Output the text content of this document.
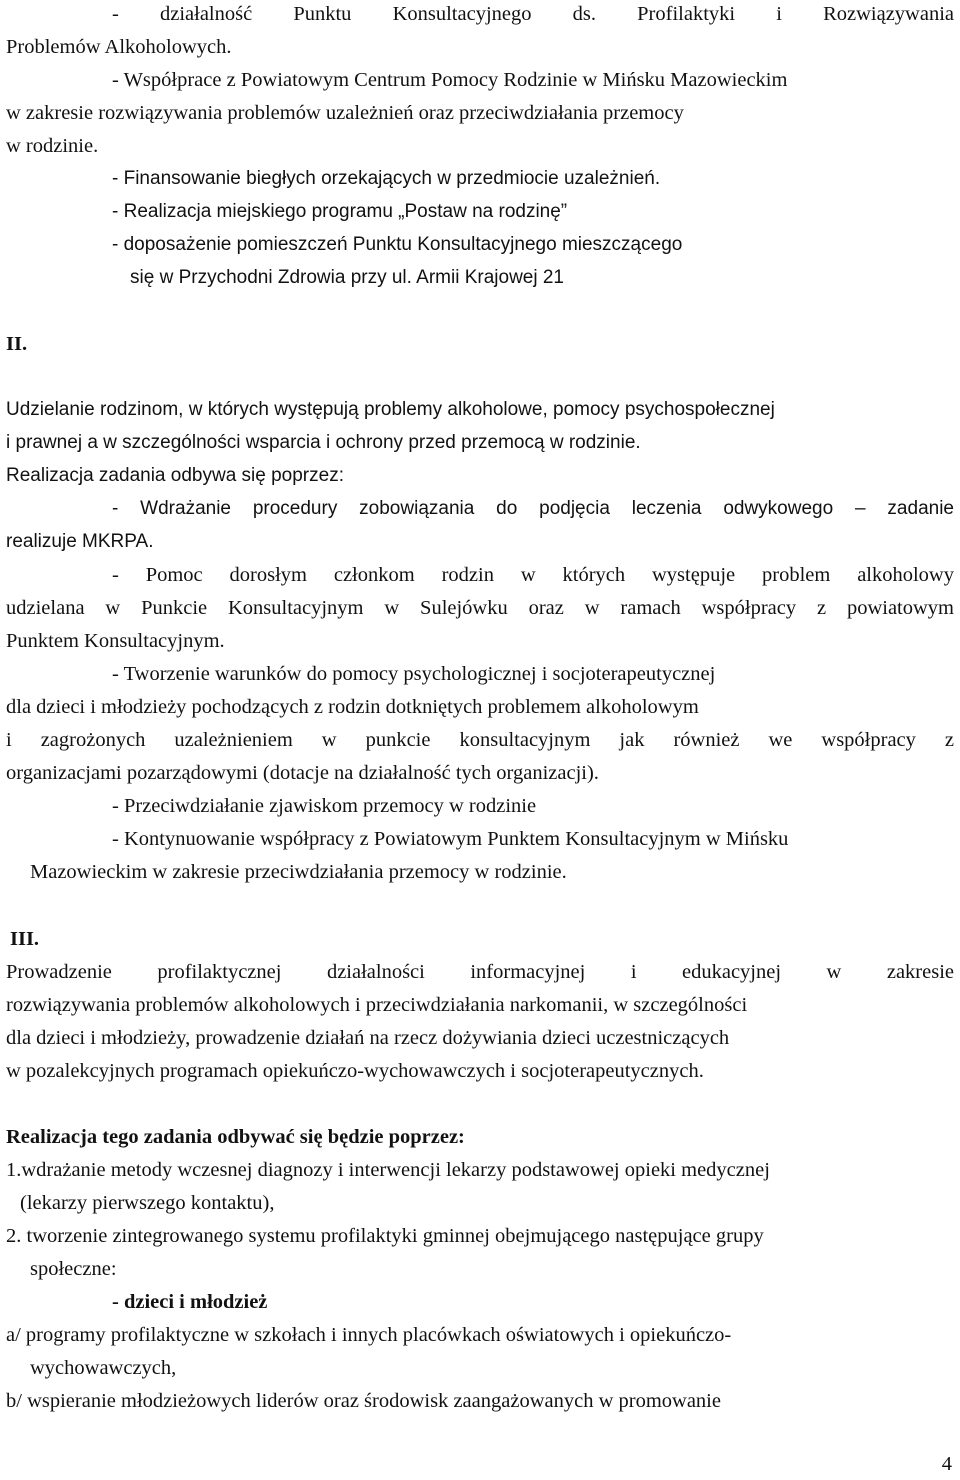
- działalność Punktu Konsultacyjnego ds. Profilaktyki i Rozwiązywania
Problemów Alkoholowych.
- Współprace z Powiatowym Centrum Pomocy Rodzinie w Mińsku Mazowieckim
w zakresie rozwiązywania problemów uzależnień oraz przeciwdziałania przemocy
w rodzinie.
- Finansowanie biegłych orzekających w przedmiocie uzależnień.
- Realizacja miejskiego programu „Postaw na rodzinę”
- doposażenie pomieszczeń Punktu Konsultacyjnego mieszczącego
się w Przychodni Zdrowia przy ul. Armii Krajowej 21
II.
Udzielanie rodzinom, w których występują problemy alkoholowe, pomocy psychospołecznej
i prawnej a w szczególności wsparcia i ochrony przed przemocą w rodzinie.
Realizacja zadania odbywa się poprzez:
- Wdrażanie procedury zobowiązania do podjęcia leczenia odwykowego – zadanie
realizuje MKRPA.
- Pomoc dorosłym członkom rodzin w których występuje problem alkoholowy
udzielana w Punkcie Konsultacyjnym w Sulejówku oraz w ramach współpracy z powiatowym
Punktem Konsultacyjnym.
- Tworzenie warunków do pomocy psychologicznej i socjoterapeutycznej
dla dzieci i młodzieży pochodzących z rodzin dotkniętych problemem alkoholowym
i zagrożonych uzależnieniem w punkcie konsultacyjnym jak również we współpracy z
organizacjami pozarządowymi (dotacje na działalność tych organizacji).
- Przeciwdziałanie zjawiskom przemocy w rodzinie
- Kontynuowanie współpracy z Powiatowym Punktem Konsultacyjnym w Mińsku
Mazowieckim w zakresie przeciwdziałania przemocy w rodzinie.
III.
Prowadzenie profilaktycznej działalności informacyjnej i edukacyjnej w zakresie
rozwiązywania problemów alkoholowych i przeciwdziałania narkomanii, w szczególności
dla dzieci i młodzieży, prowadzenie działań na rzecz dożywiania dzieci uczestniczących
w pozalekcyjnych programach opiekuńczo-wychowawczych i socjoterapeutycznych.
Realizacja tego zadania odbywać się będzie poprzez:
1.wdrażanie metody wczesnej diagnozy i interwencji lekarzy podstawowej opieki medycznej
(lekarzy pierwszego kontaktu),
2. tworzenie zintegrowanego systemu profilaktyki gminnej obejmującego następujące grupy
społeczne:
- dzieci i młodzież
a/ programy profilaktyczne w szkołach i innych placówkach oświatowych i opiekuńczo-
wychowawczych,
b/ wspieranie młodzieżowych liderów oraz środowisk zaangażowanych w promowanie
4
